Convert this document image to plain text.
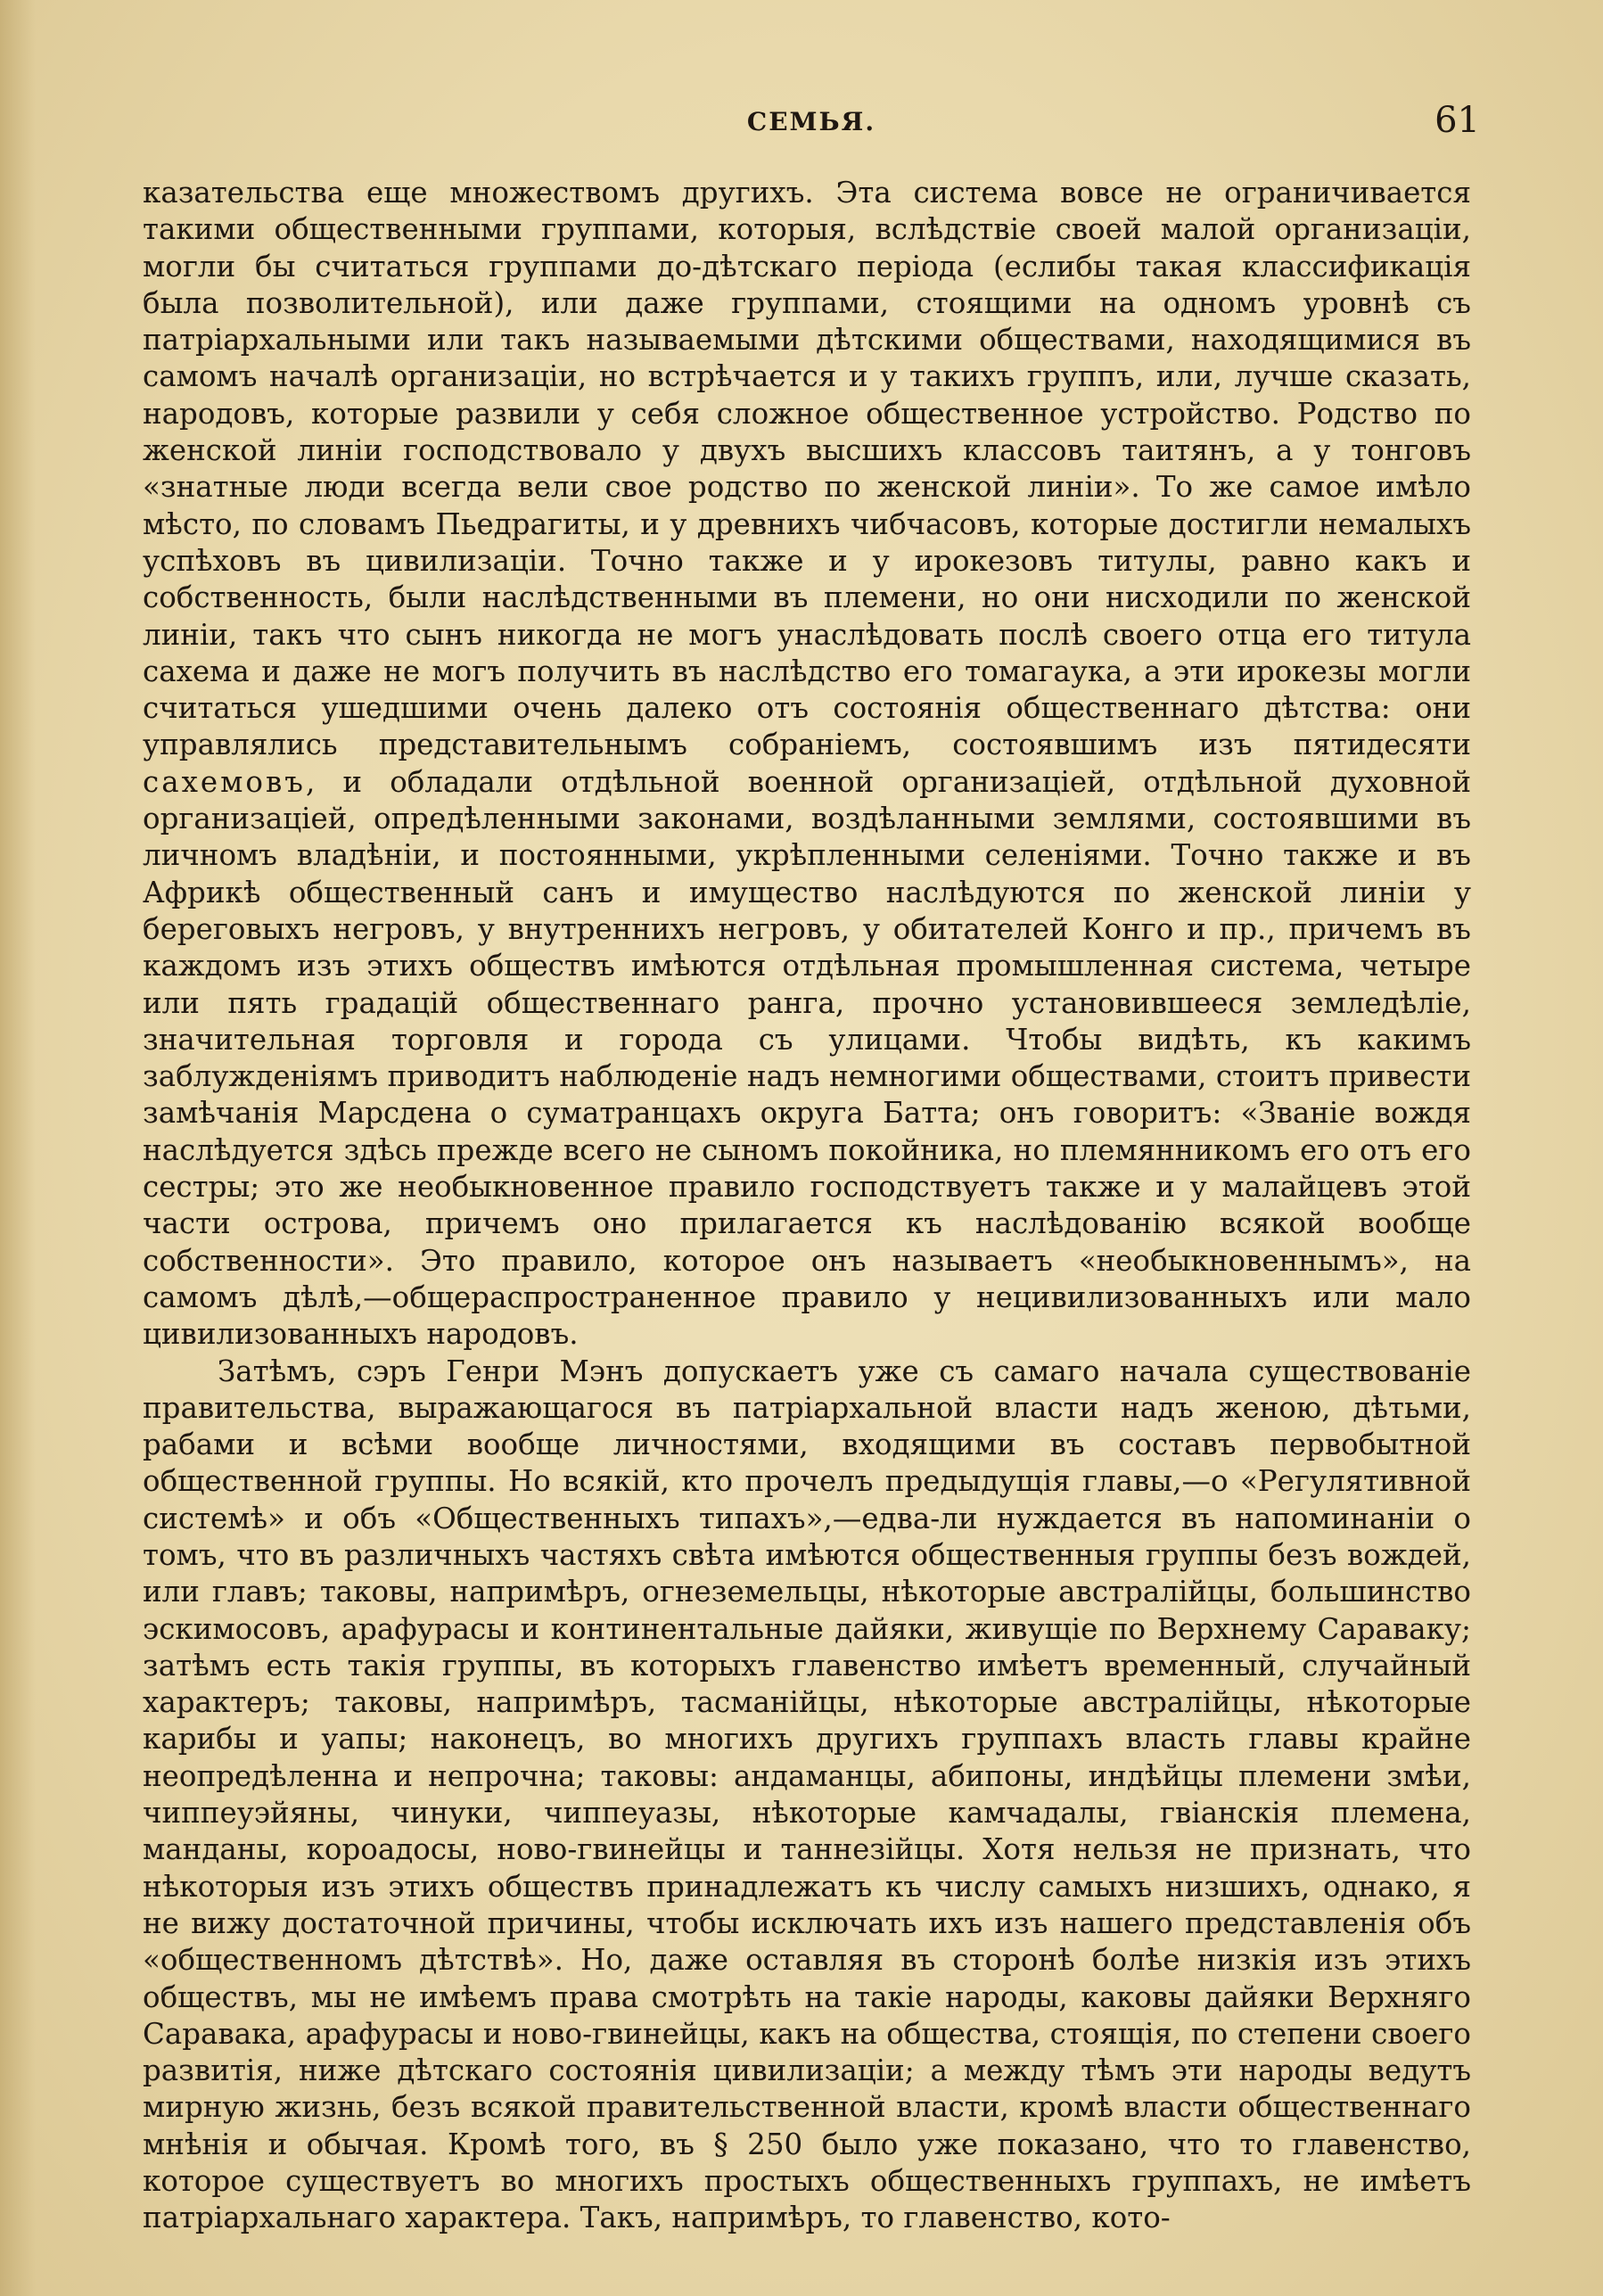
СЕМЬЯ.	61

казательства еще множествомъ другихъ. Эта система вовсе не ограничивается такими общественными группами, которыя, вслѣдствіе своей малой организаціи, могли бы считаться группами до-дѣтскаго періода (еслибы такая классификація была позволительной), или даже группами, стоящими на одномъ уровнѣ съ патріархальными или такъ называемыми дѣтскими обществами, находящимися въ самомъ началѣ организаціи, но встрѣчается и у такихъ группъ, или, лучше сказать, народовъ, которые развили у себя сложное общественное устройство. Родство по женской линіи господствовало у двухъ высшихъ классовъ таитянъ, а у тонговъ «знатные люди всегда вели свое родство по женской линіи». То же самое имѣло мѣсто, по словамъ Пьедрагиты, и у древнихъ чибчасовъ, которые достигли немалыхъ успѣховъ въ цивилизаціи. Точно также и у ирокезовъ титулы, равно какъ и собственность, были наслѣдственными въ племени, но они нисходили по женской линіи, такъ что сынъ никогда не могъ унаслѣдовать послѣ своего отца его титула сахема и даже не могъ получить въ наслѣдство его томагаука, а эти ирокезы могли считаться ушедшими очень далеко отъ состоянія общественнаго дѣтства: они управлялись представительнымъ собраніемъ, состоявшимъ изъ пятидесяти сахемовъ, и обладали отдѣльной военной организаціей, отдѣльной духовной организаціей, опредѣленными законами, воздѣланными землями, состоявшими въ личномъ владѣніи, и постоянными, укрѣпленными селеніями. Точно также и въ Африкѣ общественный санъ и имущество наслѣдуются по женской линіи у береговыхъ негровъ, у внутреннихъ негровъ, у обитателей Конго и пр., причемъ въ каждомъ изъ этихъ обществъ имѣются отдѣльная промышленная система, четыре или пять градацій общественнаго ранга, прочно установившееся земледѣліе, значительная торговля и города съ улицами. Чтобы видѣть, къ какимъ заблужденіямъ приводитъ наблюденіе надъ немногими обществами, стоитъ привести замѣчанія Марсдена о суматранцахъ округа Батта; онъ говоритъ: «Званіе вождя наслѣдуется здѣсь прежде всего не сыномъ покойника, но племянникомъ его отъ его сестры; это же необыкновенное правило господствуетъ также и у малайцевъ этой части острова, причемъ оно прилагается къ наслѣдованію всякой вообще собственности». Это правило, которое онъ называетъ «необыкновеннымъ», на самомъ дѣлѣ,—общераспространенное правило у нецивилизованныхъ или мало цивилизованныхъ народовъ.

Затѣмъ, сэръ Генри Мэнъ допускаетъ уже съ самаго начала существованіе правительства, выражающагося въ патріархальной власти надъ женою, дѣтьми, рабами и всѣми вообще личностями, входящими въ составъ первобытной общественной группы. Но всякій, кто прочелъ предыдущія главы,—о «Регулятивной системѣ» и объ «Общественныхъ типахъ»,—едва-ли нуждается въ напоминаніи о томъ, что въ различныхъ частяхъ свѣта имѣются общественныя группы безъ вождей, или главъ; таковы, напримѣръ, огнеземельцы, нѣкоторые австралійцы, большинство эскимосовъ, арафурасы и континентальные дайяки, живущіе по Верхнему Сараваку; затѣмъ есть такія группы, въ которыхъ главенство имѣетъ временный, случайный характеръ; таковы, напримѣръ, тасманійцы, нѣкоторые австралійцы, нѣкоторые карибы и уапы; наконецъ, во многихъ другихъ группахъ власть главы крайне неопредѣленна и непрочна; таковы: андаманцы, абипоны, индѣйцы племени змѣи, чиппеуэйяны, чинуки, чиппеуазы, нѣкоторые камчадалы, гвіанскія племена, манданы, короадосы, ново-гвинейцы и таннезійцы. Хотя нельзя не признать, что нѣкоторыя изъ этихъ обществъ принадлежатъ къ числу самыхъ низшихъ, однако, я не вижу достаточной причины, чтобы исключать ихъ изъ нашего представленія объ «общественномъ дѣтствѣ». Но, даже оставляя въ сторонѣ болѣе низкія изъ этихъ обществъ, мы не имѣемъ права смотрѣть на такіе народы, каковы дайяки Верхняго Саравака, арафурасы и ново-гвинейцы, какъ на общества, стоящія, по степени своего развитія, ниже дѣтскаго состоянія цивилизаціи; а между тѣмъ эти народы ведутъ мирную жизнь, безъ всякой правительственной власти, кромѣ власти общественнаго мнѣнія и обычая. Кромѣ того, въ § 250 было уже показано, что то главенство, которое существуетъ во многихъ простыхъ общественныхъ группахъ, не имѣетъ патріархальнаго характера. Такъ, напримѣръ, то главенство, кото-
